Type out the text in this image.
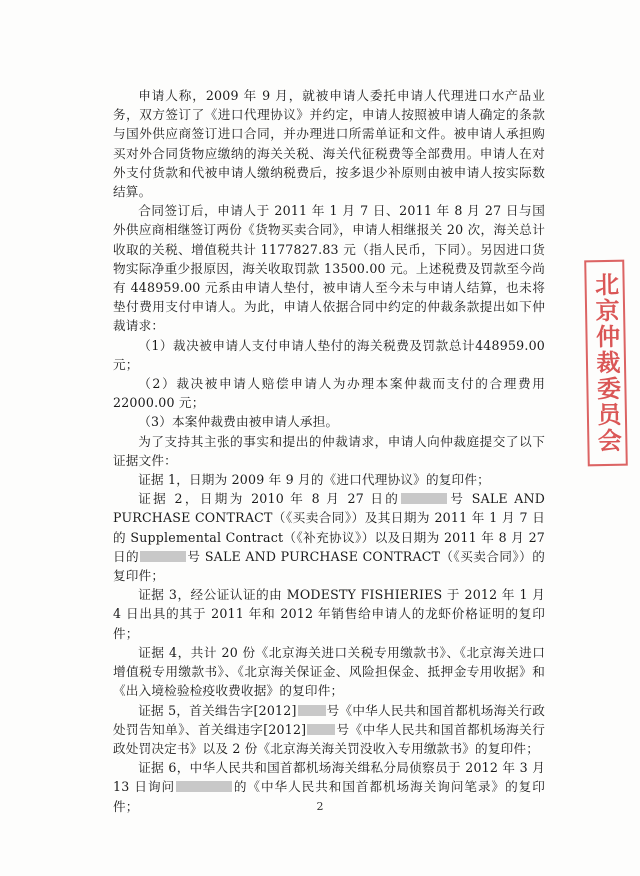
申请人称，2009 年 9 月，就被申请人委托申请人代理进口水产品业务，双方签订了《进口代理协议》并约定，申请人按照被申请人确定的条款与国外供应商签订进口合同，并办理进口所需单证和文件。被申请人承担购买对外合同货物应缴纳的海关关税、海关代征税费等全部费用。申请人在对外支付货款和代被申请人缴纳税费后，按多退少补原则由被申请人按实际数结算。

合同签订后，申请人于 2011 年 1 月 7 日、2011 年 8 月 27 日与国外供应商相继签订两份《货物买卖合同》，申请人相继报关 20 次，海关总计收取的关税、增值税共计 1177827.83 元（指人民币，下同）。另因进口货物实际净重少报原因，海关收取罚款 13500.00 元。上述税费及罚款至今尚有 448959.00 元系由申请人垫付，被申请人至今未与申请人结算，也未将垫付费用支付申请人。为此，申请人依据合同中约定的仲裁条款提出如下仲裁请求：

（1）裁决被申请人支付申请人垫付的海关税费及罚款总计448959.00 元；

（2）裁决被申请人赔偿申请人为办理本案仲裁而支付的合理费用22000.00 元；

（3）本案仲裁费由被申请人承担。

为了支持其主张的事实和提出的仲裁请求，申请人向仲裁庭提交了以下证据文件：

证据 1，日期为 2009 年 9 月的《进口代理协议》的复印件；

证据 2，日期为 2010 年 8 月 27 日的	号 SALE AND PURCHASE CONTRACT（《买卖合同》）及其日期为 2011 年 1 月 7 日的 Supplemental Contract（《补充协议》）以及日期为 2011 年 8 月 27 日的	号 SALE AND PURCHASE CONTRACT（《买卖合同》）的复印件；

证据 3，经公证认证的由 MODESTY FISHIERIES 于 2012 年 1 月 4 日出具的其于 2011 年和 2012 年销售给申请人的龙虾价格证明的复印件；

证据 4，共计 20 份《北京海关进口关税专用缴款书》、《北京海关进口增值税专用缴款书》、《北京海关保证金、风险担保金、抵押金专用收据》和《出入境检验检疫收费收据》的复印件；

证据 5，首关缉告字[2012] 号《中华人民共和国首都机场海关行政处罚告知单》、首关缉违字[2012] 号《中华人民共和国首都机场海关行政处罚决定书》以及 2 份《北京海关海关罚没收入专用缴款书》的复印件；

证据 6，中华人民共和国首都机场海关缉私分局侦察员于 2012 年 3 月 13 日询问	的《中华人民共和国首都机场海关询问笔录》的复印件；

北京仲裁委员会
2
